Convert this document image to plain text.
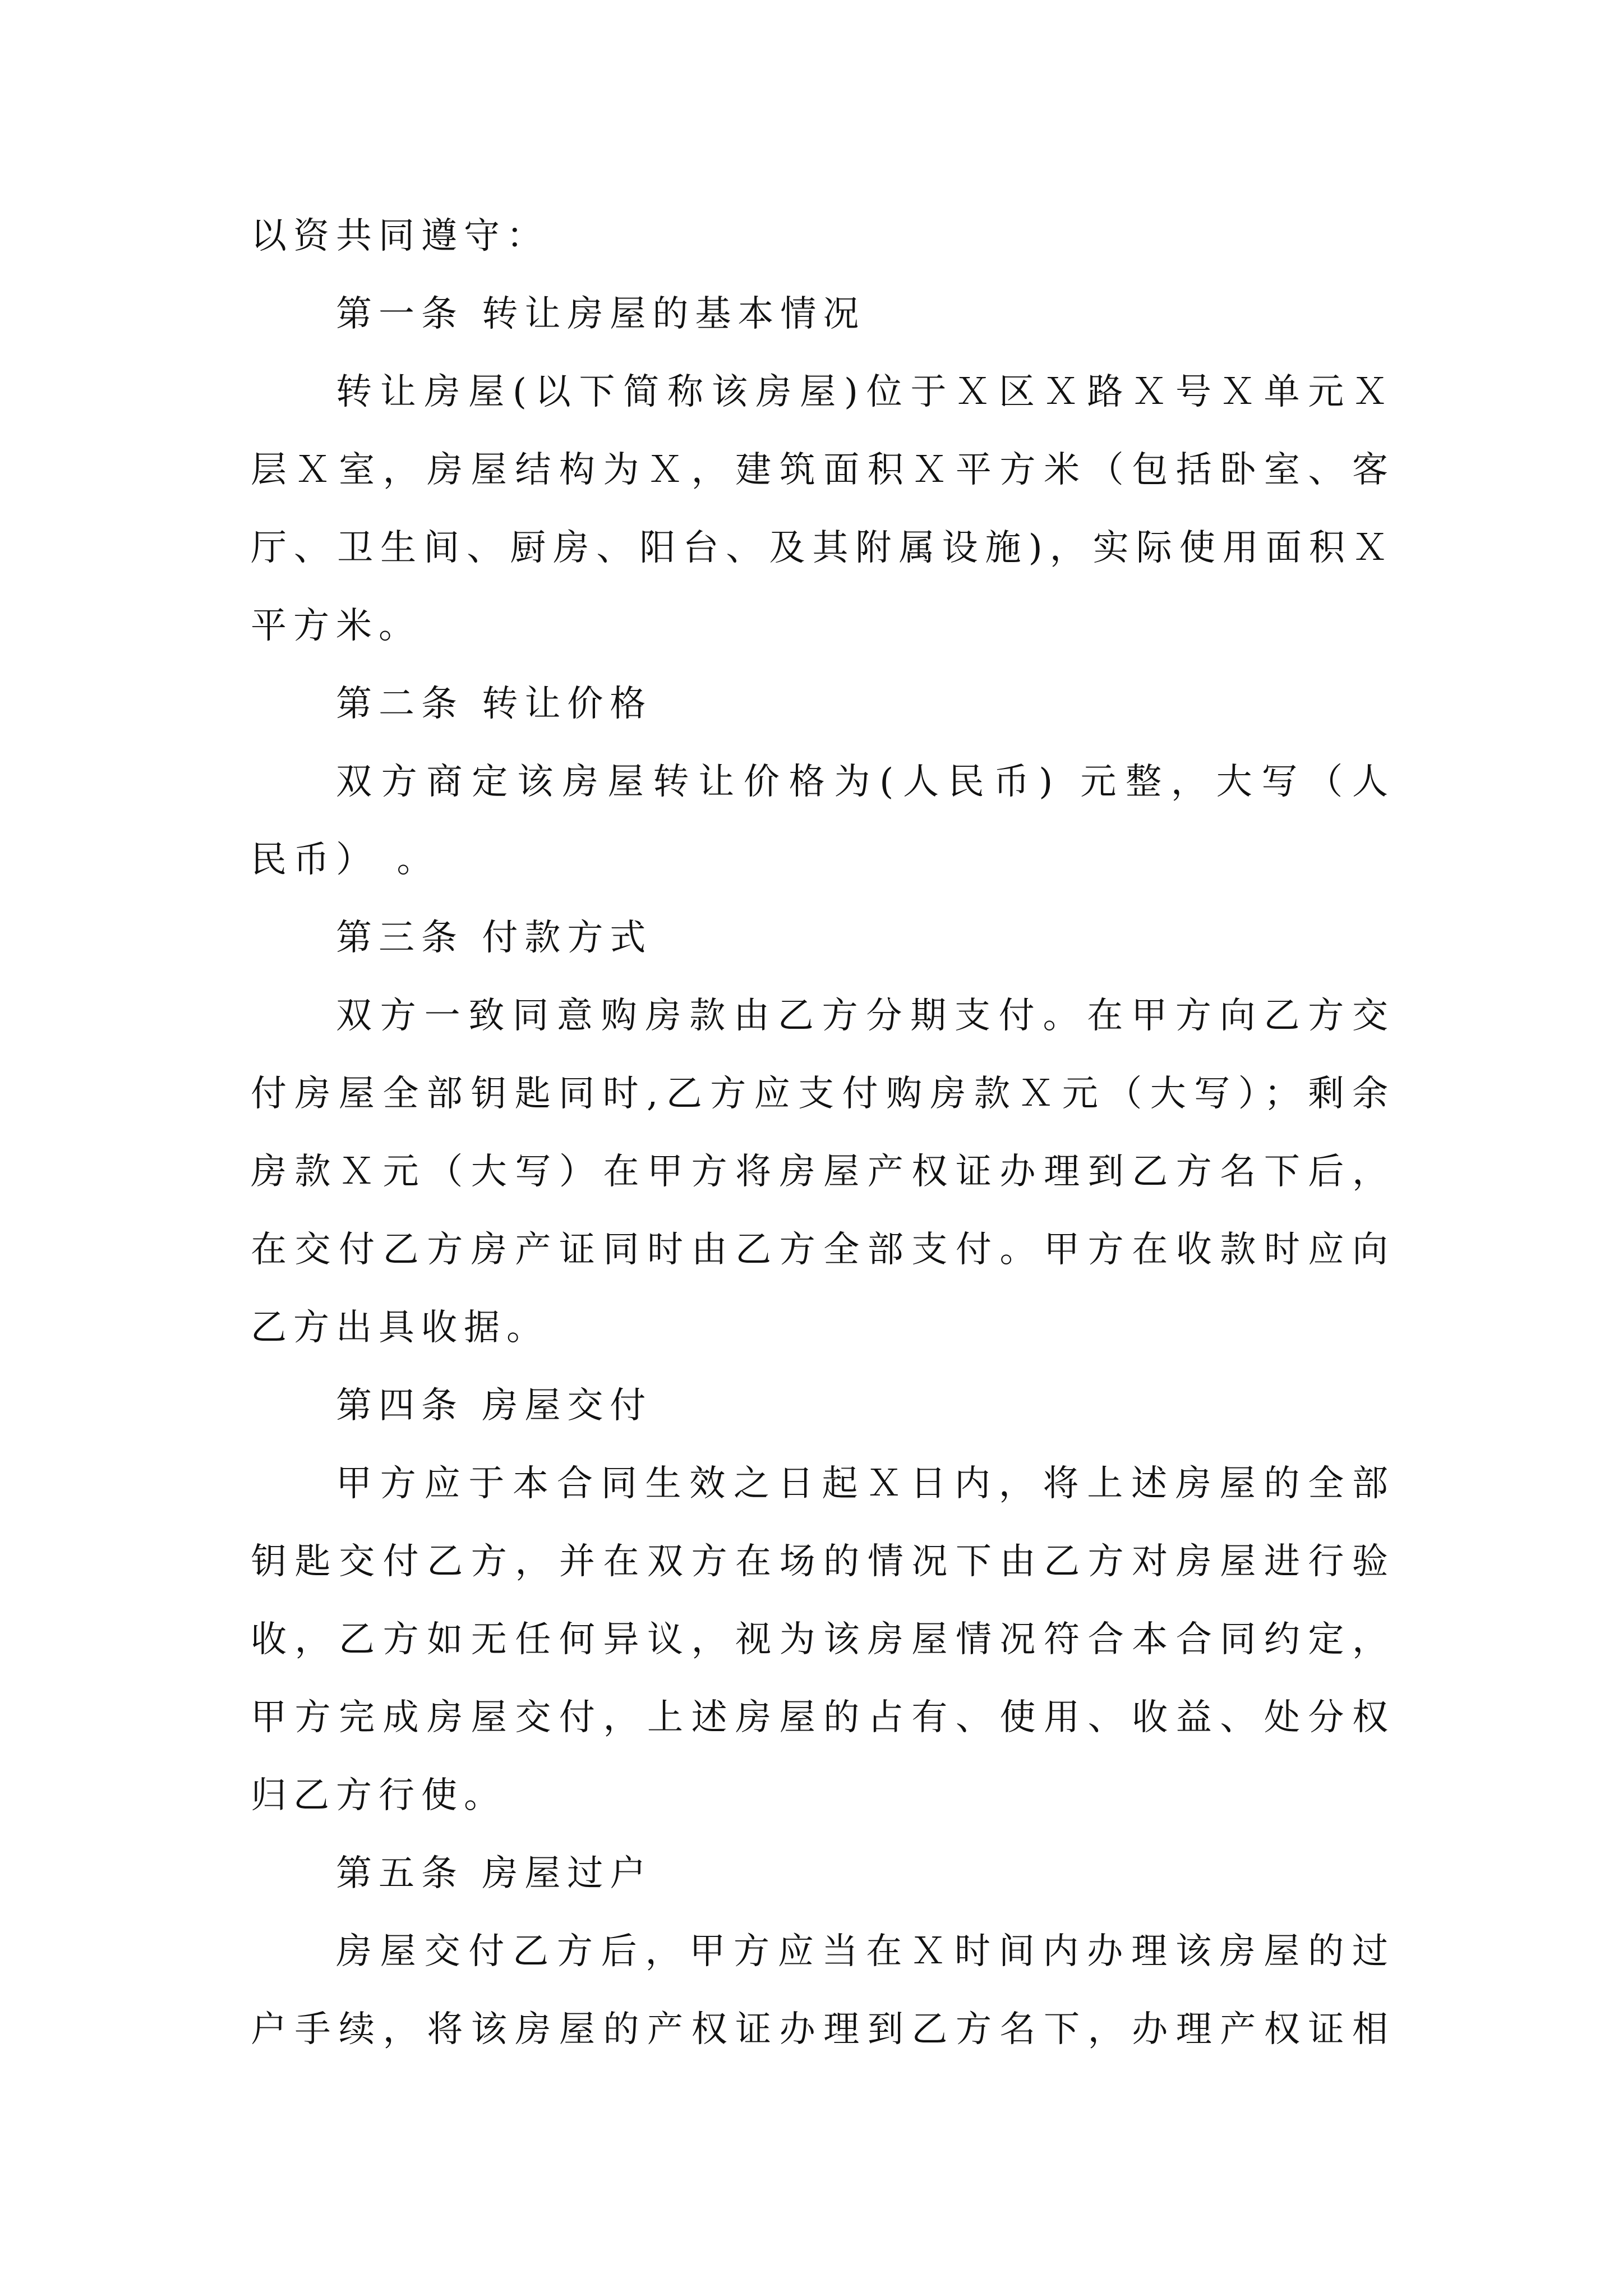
以资共同遵守：

第一条 转让房屋的基本情况

转让房屋(以下简称该房屋)位于Ｘ区Ｘ路Ｘ号Ｘ单元Ｘ

层Ｘ室，房屋结构为Ｘ，建筑面积Ｘ平方米（包括卧室、客

厅、卫生间、厨房、阳台、及其附属设施)，实际使用面积Ｘ

平方米。

第二条 转让价格

双方商定该房屋转让价格为(人民币) 元整，大写（人

民币） 。

第三条 付款方式

双方一致同意购房款由乙方分期支付。在甲方向乙方交

付房屋全部钥匙同时,乙方应支付购房款Ｘ元（大写）；剩余

房款Ｘ元（大写）在甲方将房屋产权证办理到乙方名下后，

在交付乙方房产证同时由乙方全部支付。甲方在收款时应向

乙方出具收据。

第四条 房屋交付

甲方应于本合同生效之日起Ｘ日内，将上述房屋的全部

钥匙交付乙方，并在双方在场的情况下由乙方对房屋进行验

收，乙方如无任何异议，视为该房屋情况符合本合同约定，

甲方完成房屋交付，上述房屋的占有、使用、收益、处分权

归乙方行使。

第五条 房屋过户

房屋交付乙方后，甲方应当在Ｘ时间内办理该房屋的过

户手续，将该房屋的产权证办理到乙方名下，办理产权证相
